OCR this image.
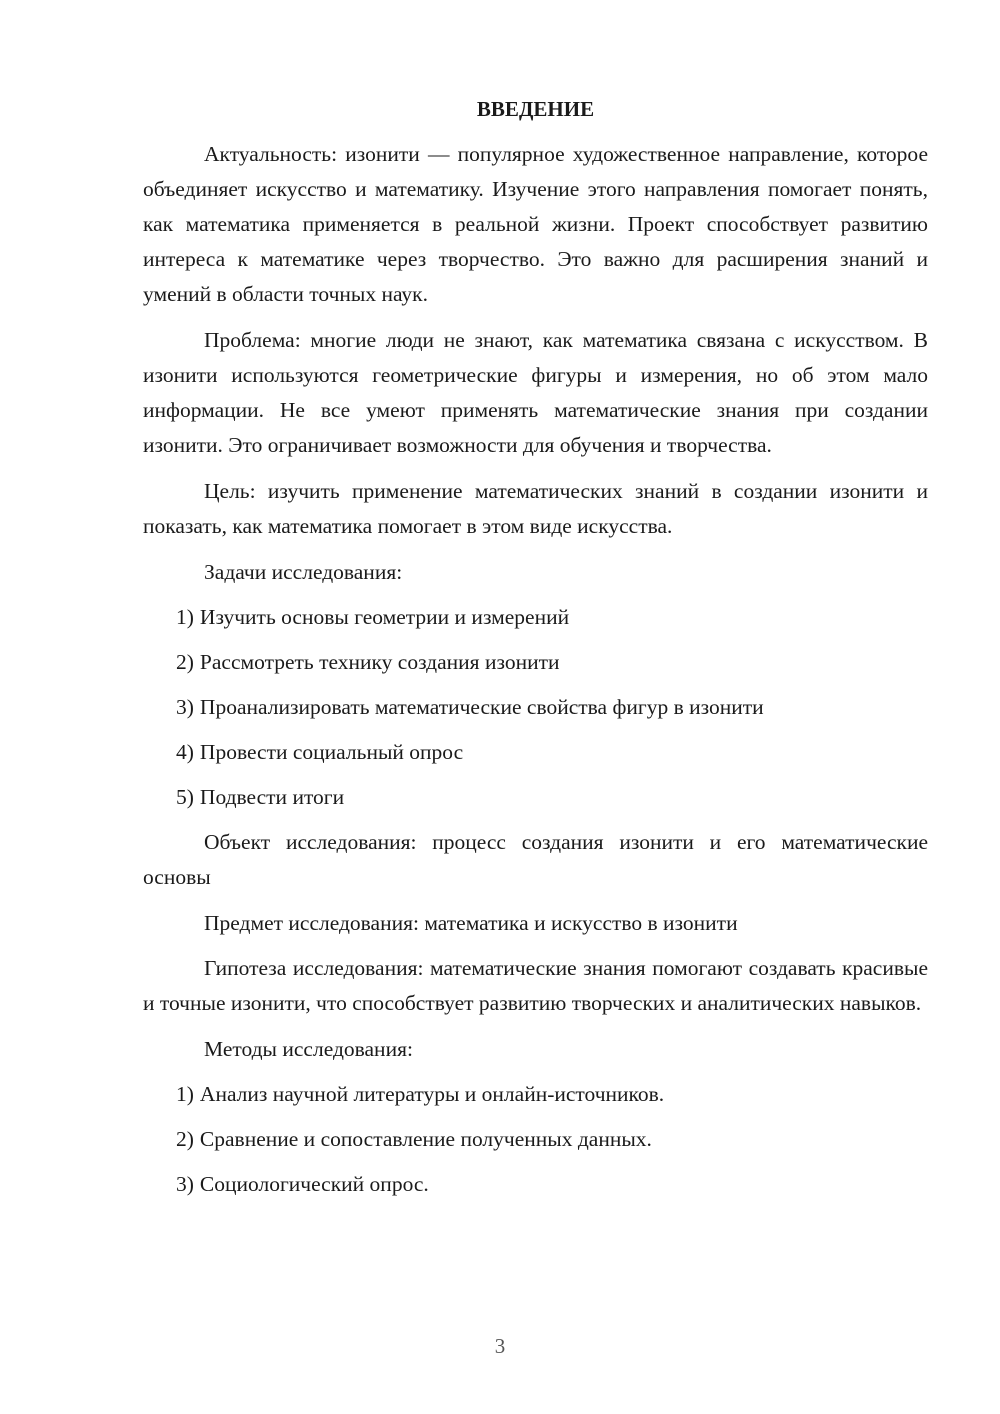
ВВЕДЕНИЕ

Актуальность: изонити — популярное художественное направление, которое объединяет искусство и математику. Изучение этого направления помогает понять, как математика применяется в реальной жизни. Проект способствует развитию интереса к математике через творчество. Это важно для расширения знаний и умений в области точных наук.

Проблема: многие люди не знают, как математика связана с искусством. В изонити используются геометрические фигуры и измерения, но об этом мало информации. Не все умеют применять математические знания при создании изонити. Это ограничивает возможности для обучения и творчества.

Цель: изучить применение математических знаний в создании изонити и показать, как математика помогает в этом виде искусства.

Задачи исследования:

1) Изучить основы геометрии и измерений
2) Рассмотреть технику создания изонити
3) Проанализировать математические свойства фигур в изонити
4) Провести социальный опрос
5) Подвести итоги

Объект исследования: процесс создания изонити и его математические основы

Предмет исследования: математика и искусство в изонити

Гипотеза исследования: математические знания помогают создавать красивые и точные изонити, что способствует развитию творческих и аналитических навыков.

Методы исследования:

1) Анализ научной литературы и онлайн-источников.
2) Сравнение и сопоставление полученных данных.
3) Социологический опрос.
3
